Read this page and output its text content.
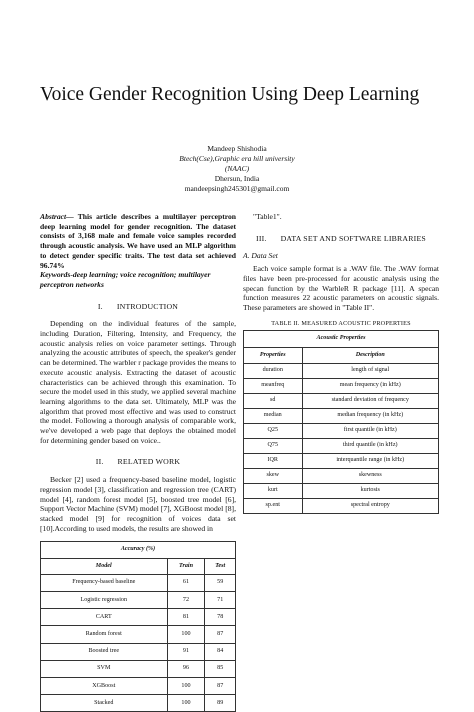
Voice Gender Recognition Using Deep Learning
Mandeep Shishodia
Btech(Cse),Graphic era hill university
(NAAC)
Dhersun, India
mandeepsingh245301@gmail.com
Abstract— This article describes a multilayer perceptron deep learning model for gender recognition. The dataset consists of 3,168 male and female voice samples recorded through acoustic analysis. We have used an MLP algorithm to detect gender specific traits. The test data set achieved 96.74%
Keywords-deep learning; voice recognition; multilayer perceptron networks
I. INTRODUCTION

Depending on the individual features of the sample, including Duration, Filtering, Intensity, and Frequency, the acoustic analysis relies on voice parameter settings. Through analyzing the acoustic attributes of speech, the speaker's gender can be determined. The warbler r package provides the means to execute acoustic analysis. Extracting the dataset of acoustic characteristics can be achieved through this examination. To secure the model used in this study, we applied several machine learning algorithms to the data set. Ultimately, MLP was the algorithm that proved most effective and was used to construct the model. Following a thorough analysis of comparable work, we've developed a web page that deploys the obtained model for determining gender based on voice..

II. RELATED WORK

Becker [2] used a frequency-based baseline model, logistic regression model [3], classification and regression tree (CART) model [4], random forest model [5], boosted tree model [6], Support Vector Machine (SVM) model [7], XGBoost model [8], stacked model [9] for recognition of voices data set [10].According to used models, the results are showed in

Accuracy (%)		
Model	Train	Test
Frequency-based baseline	61	59
Logistic regression	72	71
CART	81	78
Random forest	100	87
Boosted tree	91	84
SVM	96	85
XGBoost	100	87
Stacked	100	89

"Table1".

III. DATA SET AND SOFTWARE LIBRARIES
A. Data Set

Each voice sample format is a .WAV file. The .WAV format files have been pre-processed for acoustic analysis using the specan function by the WarbleR R package [11]. A specan function measures 22 acoustic parameters on acoustic signals. These parameters are showed in "Table II".

TABLE II. MEASURED ACOUSTIC PROPERTIES
Acoustic Properties	
Properties	Description
duration	length of signal
meanfreq	mean frequency (in kHz)
sd	standard deviation of frequency
median	median frequency (in kHz)
Q25	first quantile (in kHz)
Q75	third quantile (in kHz)
IQR	interquantile range (in kHz)
skew	skewness
kurt	kurtosis
sp.ent	spectral entropy
